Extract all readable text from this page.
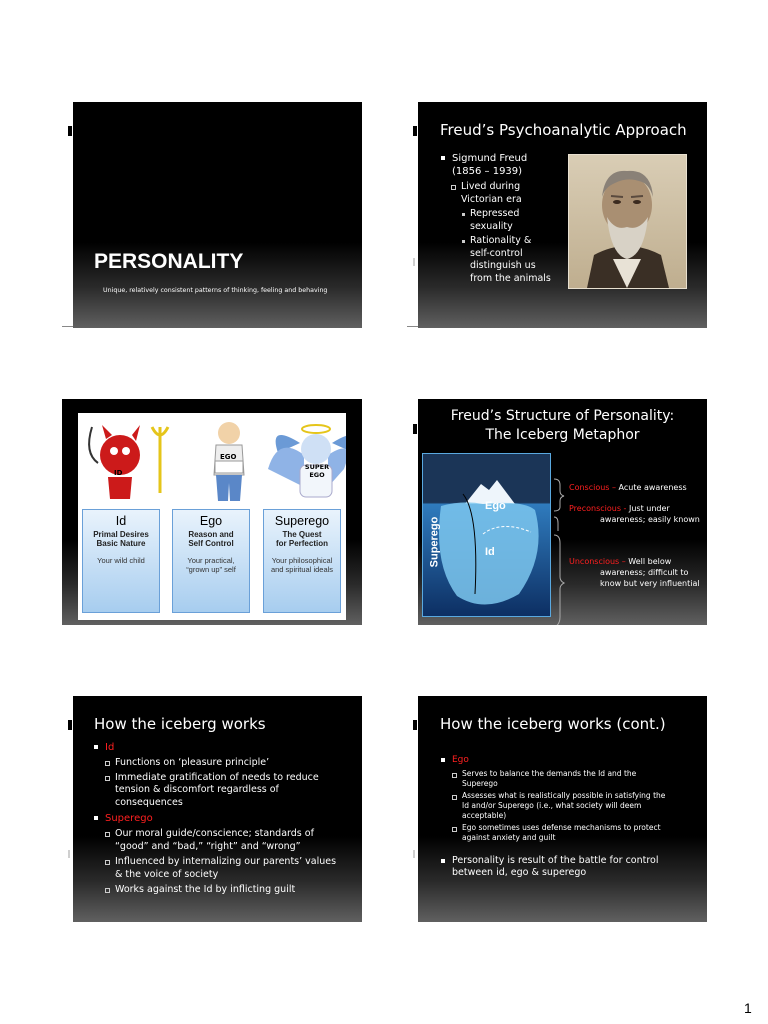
PERSONALITY
Unique, relatively consistent patterns of thinking, feeling and behaving
Freud’s Psychoanalytic Approach
Sigmund Freud
(1856 – 1939)
Lived during
Victorian era
Repressed
sexuality
Rationality &
self-control
distinguish us
from the animals
ID
EGO
SUPER
EGO
Id
Primal Desires
Basic Nature
Your wild child
Ego
Reason and
Self Control
Your practical,
“grown up” self
Superego
The Quest
for Perfection
Your philosophical
and spiritual ideals
Freud’s Structure of Personality:
The Iceberg Metaphor
Ego
Id
Superego
Conscious – Acute awareness
Preconscious - Just under
awareness; easily known
Unconscious – Well below
awareness; difficult to
know but very influential
How the iceberg works
Id
Functions on ‘pleasure principle’
Immediate gratification of needs to reduce
tension & discomfort regardless of
consequences
Superego
Our moral guide/conscience; standards of
“good” and “bad,” “right” and “wrong”
Influenced by internalizing our parents’ values
& the voice of society
Works against the Id by inflicting guilt
How the iceberg works (cont.)
Ego
Serves to balance the demands the Id and the
Superego
Assesses what is realistically possible in satisfying the
Id and/or Superego (i.e., what society will deem
acceptable)
Ego sometimes uses defense mechanisms to protect
against anxiety and guilt
Personality is result of the battle for control
between id, ego & superego
1
